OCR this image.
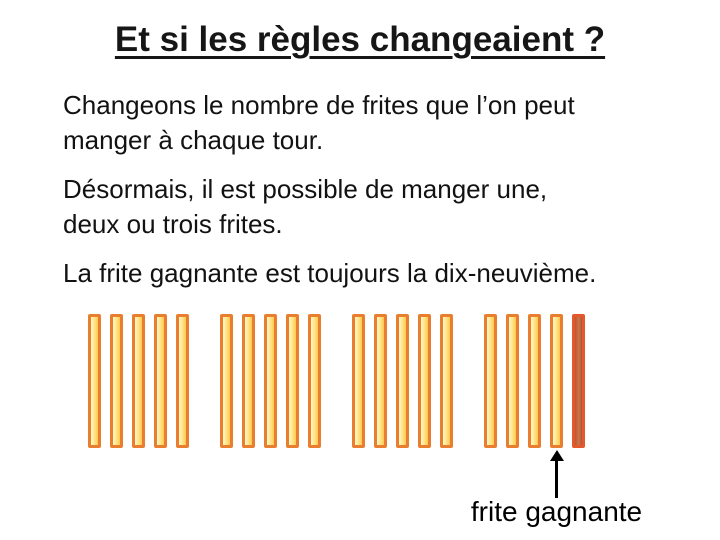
Et si les règles changeaient ?

Changeons le nombre de frites que l’on peut manger à chaque tour.

Désormais, il est possible de manger une, deux ou trois frites.

La frite gagnante est toujours la dix-neuvième.

frite gagnante
